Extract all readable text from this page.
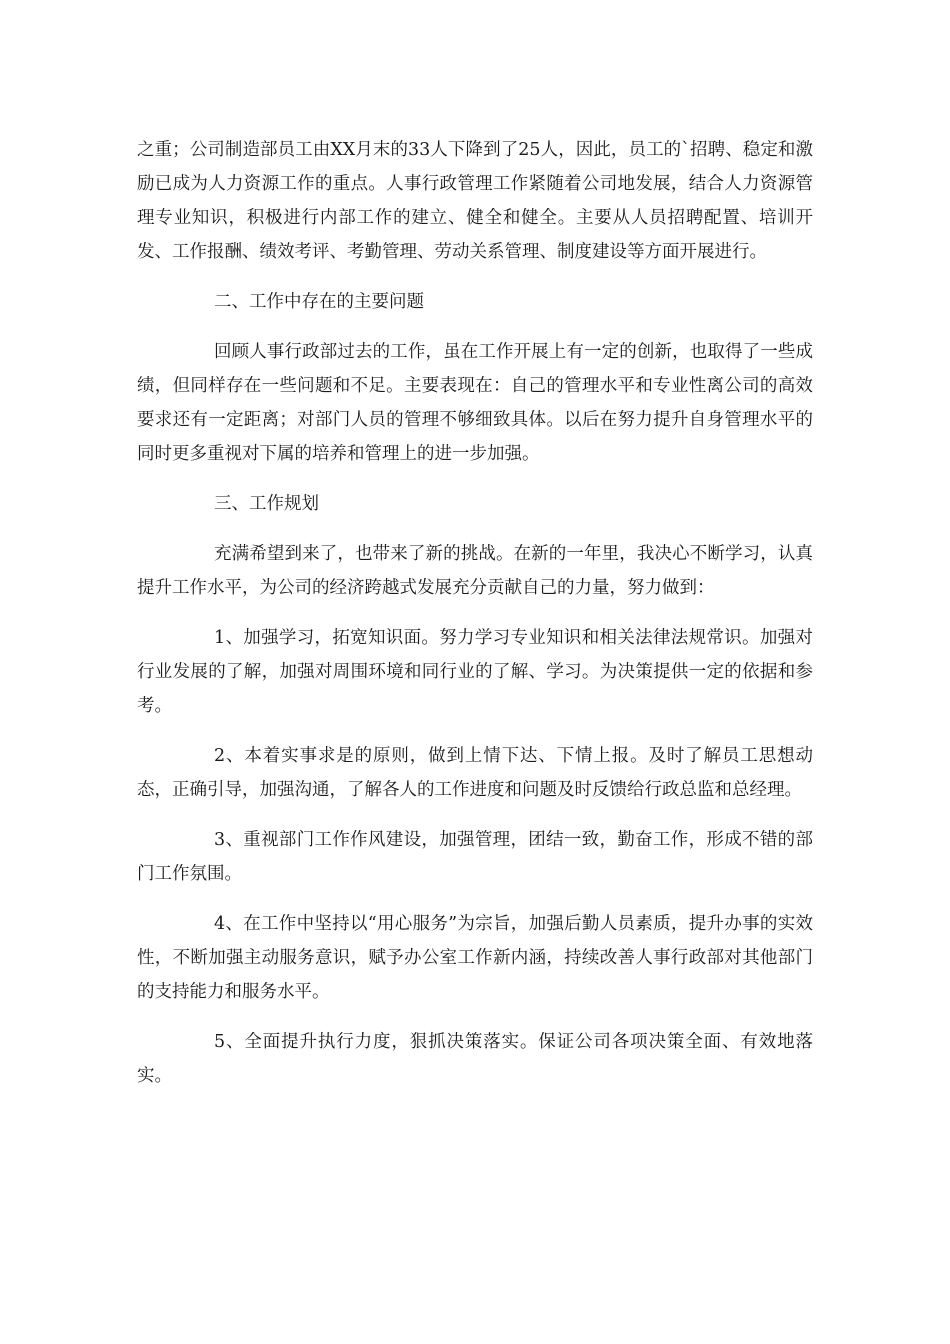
之重；公司制造部员工由XX月末的33人下降到了25人，因此，员工的`招聘、稳定和激励已成为人力资源工作的重点。人事行政管理工作紧随着公司地发展，结合人力资源管理专业知识，积极进行内部工作的建立、健全和健全。主要从人员招聘配置、培训开发、工作报酬、绩效考评、考勤管理、劳动关系管理、制度建设等方面开展进行。

二、工作中存在的主要问题

回顾人事行政部过去的工作，虽在工作开展上有一定的创新，也取得了一些成绩，但同样存在一些问题和不足。主要表现在：自己的管理水平和专业性离公司的高效要求还有一定距离；对部门人员的管理不够细致具体。以后在努力提升自身管理水平的同时更多重视对下属的培养和管理上的进一步加强。

三、工作规划

充满希望到来了，也带来了新的挑战。在新的一年里，我决心不断学习，认真提升工作水平，为公司的经济跨越式发展充分贡献自己的力量，努力做到：

1、加强学习，拓宽知识面。努力学习专业知识和相关法律法规常识。加强对行业发展的了解，加强对周围环境和同行业的了解、学习。为决策提供一定的依据和参考。

2、本着实事求是的原则，做到上情下达、下情上报。及时了解员工思想动态，正确引导，加强沟通，了解各人的工作进度和问题及时反馈给行政总监和总经理。

3、重视部门工作作风建设，加强管理，团结一致，勤奋工作，形成不错的部门工作氛围。

4、在工作中坚持以“用心服务”为宗旨，加强后勤人员素质，提升办事的实效性，不断加强主动服务意识，赋予办公室工作新内涵，持续改善人事行政部对其他部门的支持能力和服务水平。

5、全面提升执行力度，狠抓决策落实。保证公司各项决策全面、有效地落实。
